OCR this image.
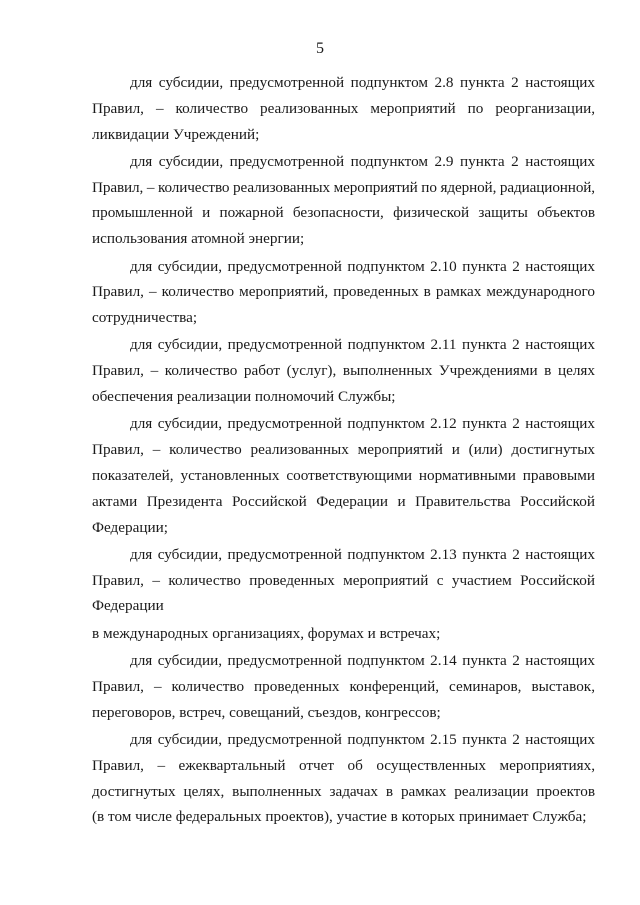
5
для субсидии, предусмотренной подпунктом 2.8 пункта 2 настоящих
Правил, – количество реализованных мероприятий по реорганизации,
ликвидации Учреждений;
для субсидии, предусмотренной подпунктом 2.9 пункта 2 настоящих
Правил, – количество реализованных мероприятий по ядерной, радиационной,
промышленной и пожарной безопасности, физической защиты объектов
использования атомной энергии;
для субсидии, предусмотренной подпунктом 2.10 пункта 2 настоящих
Правил, – количество мероприятий, проведенных в рамках международного
сотрудничества;
для субсидии, предусмотренной подпунктом 2.11 пункта 2 настоящих
Правил, – количество работ (услуг), выполненных Учреждениями в целях
обеспечения реализации полномочий Службы;
для субсидии, предусмотренной подпунктом 2.12 пункта 2 настоящих
Правил, – количество реализованных мероприятий и (или) достигнутых
показателей, установленных соответствующими нормативными правовыми
актами Президента Российской Федерации и Правительства Российской
Федерации;
для субсидии, предусмотренной подпунктом 2.13 пункта 2 настоящих
Правил, – количество проведенных мероприятий с участием Российской
Федерации
в международных организациях, форумах и встречах;
для субсидии, предусмотренной подпунктом 2.14 пункта 2 настоящих
Правил, – количество проведенных конференций, семинаров, выставок,
переговоров, встреч, совещаний, съездов, конгрессов;
для субсидии, предусмотренной подпунктом 2.15 пункта 2 настоящих
Правил, – ежеквартальный отчет об осуществленных мероприятиях,
достигнутых целях, выполненных задачах в рамках реализации проектов
(в том числе федеральных проектов), участие в которых принимает Служба;
